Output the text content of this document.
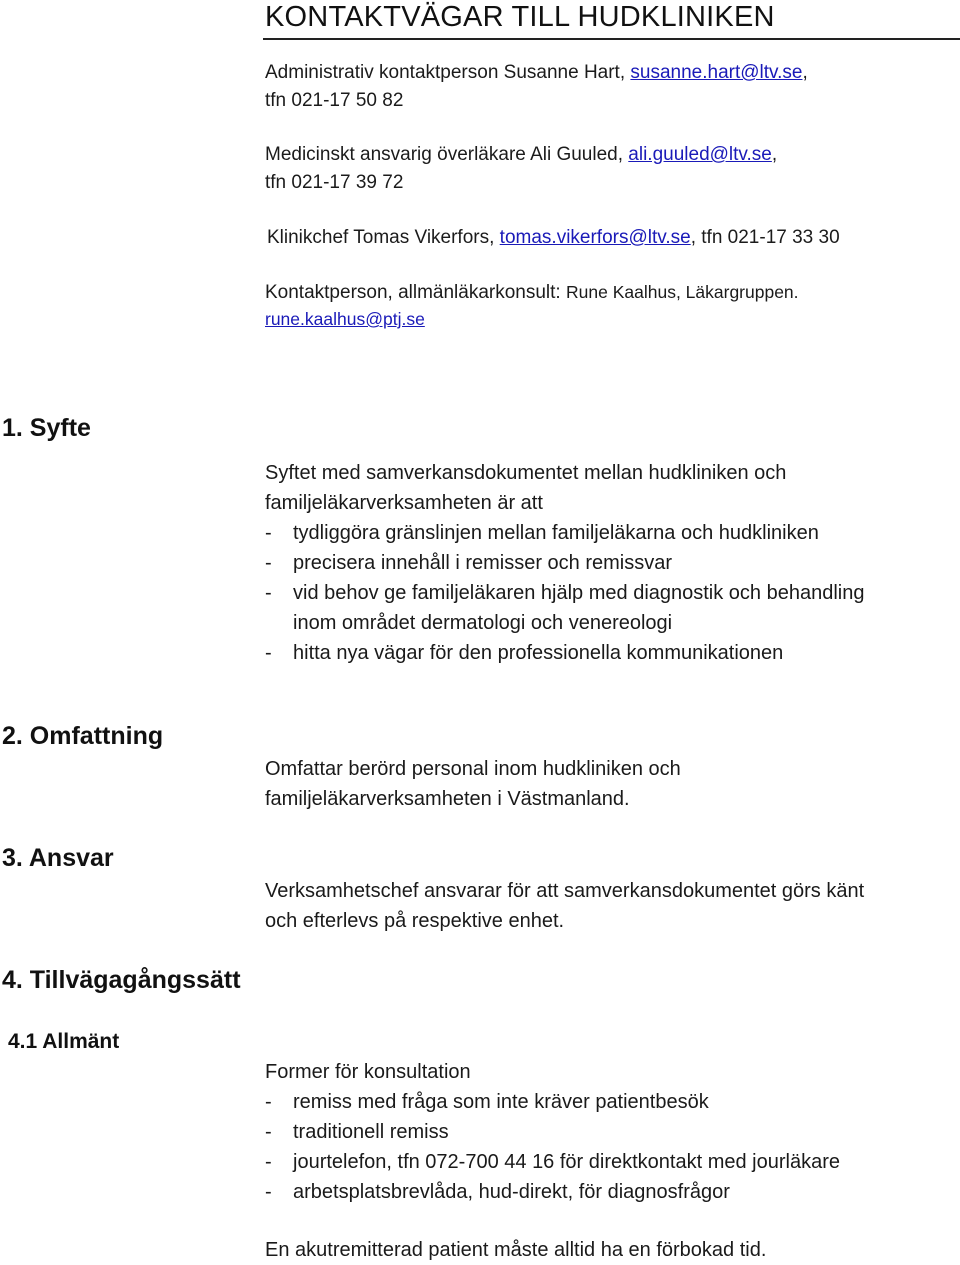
KONTAKTVÄGAR TILL HUDKLINIKEN
Administrativ kontaktperson Susanne Hart, susanne.hart@ltv.se,
tfn 021-17 50 82
Medicinskt ansvarig överläkare Ali Guuled, ali.guuled@ltv.se,
tfn 021-17 39 72
Klinikchef Tomas Vikerfors, tomas.vikerfors@ltv.se, tfn 021-17 33 30
Kontaktperson, allmänläkarkonsult: Rune Kaalhus, Läkargruppen.
rune.kaalhus@ptj.se
1. Syfte

Syftet med samverkansdokumentet mellan hudkliniken och

familjeläkarverksamheten är att

- tydliggöra gränslinjen mellan familjeläkarna och hudkliniken

- precisera innehåll i remisser och remissvar

- vid behov ge familjeläkaren hjälp med diagnostik och behandling

inom området dermatologi och venereologi

- hitta nya vägar för den professionella kommunikationen

2. Omfattning

Omfattar berörd personal inom hudkliniken och

familjeläkarverksamheten i Västmanland.

3. Ansvar

Verksamhetschef ansvarar för att samverkansdokumentet görs känt

och efterlevs på respektive enhet.

4. Tillvägagångssätt
4.1 Allmänt

Former för konsultation

- remiss med fråga som inte kräver patientbesök

- traditionell remiss

- jourtelefon, tfn 072-700 44 16 för direktkontakt med jourläkare

- arbetsplatsbrevlåda, hud-direkt, för diagnosfrågor

En akutremitterad patient måste alltid ha en förbokad tid.
